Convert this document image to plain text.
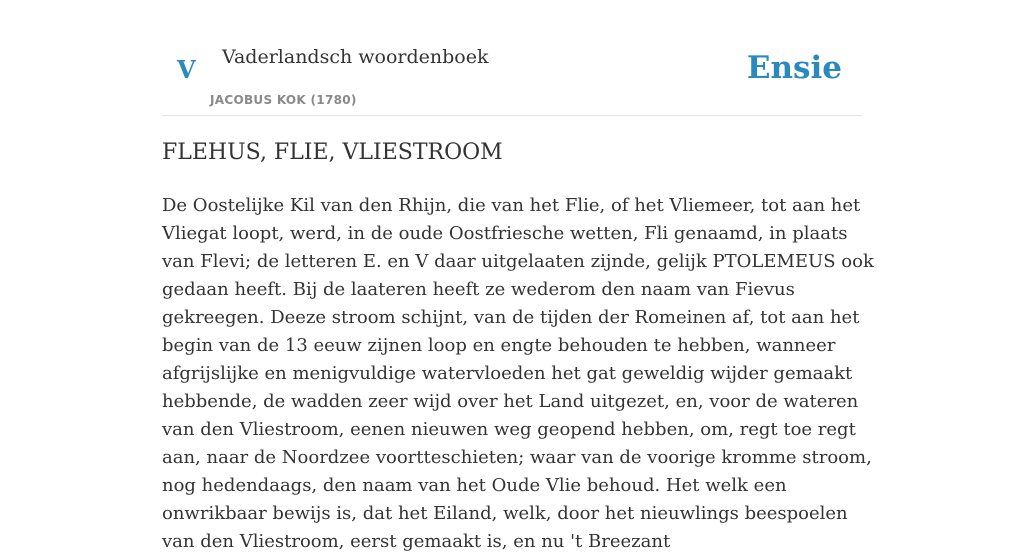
V Vaderlandsch woordenboek
JACOBUS KOK (1780)
Ensie
FLEHUS, FLIE, VLIESTROOM

De Oostelijke Kil van den Rhijn, die van het Flie, of het Vliemeer, tot aan het Vliegat loopt, werd, in de oude Oostfriesche wetten, Fli genaamd, in plaats van Flevi; de letteren E. en V daar uitgelaaten zijnde, gelijk PTOLEMEUS ook gedaan heeft. Bij de laateren heeft ze wederom den naam van Fievus gekreegen. Deeze stroom schijnt, van de tijden der Romeinen af, tot aan het begin van de 13 eeuw zijnen loop en engte behouden te hebben, wanneer afgrijslijke en menigvuldige watervloeden het gat geweldig wijder gemaakt hebbende, de wadden zeer wijd over het Land uitgezet, en, voor de wateren van den Vliestroom, eenen nieuwen weg geopend hebben, om, regt toe regt aan, naar de Noordzee voortteschieten; waar van de voorige kromme stroom, nog hedendaags, den naam van het Oude Vlie behoud. Het welk een onwrikbaar bewijs is, dat het Eiland, welk, door het nieuwlings beespoelen van den Vliestroom, eerst gemaakt is, en nu 't Breezant
